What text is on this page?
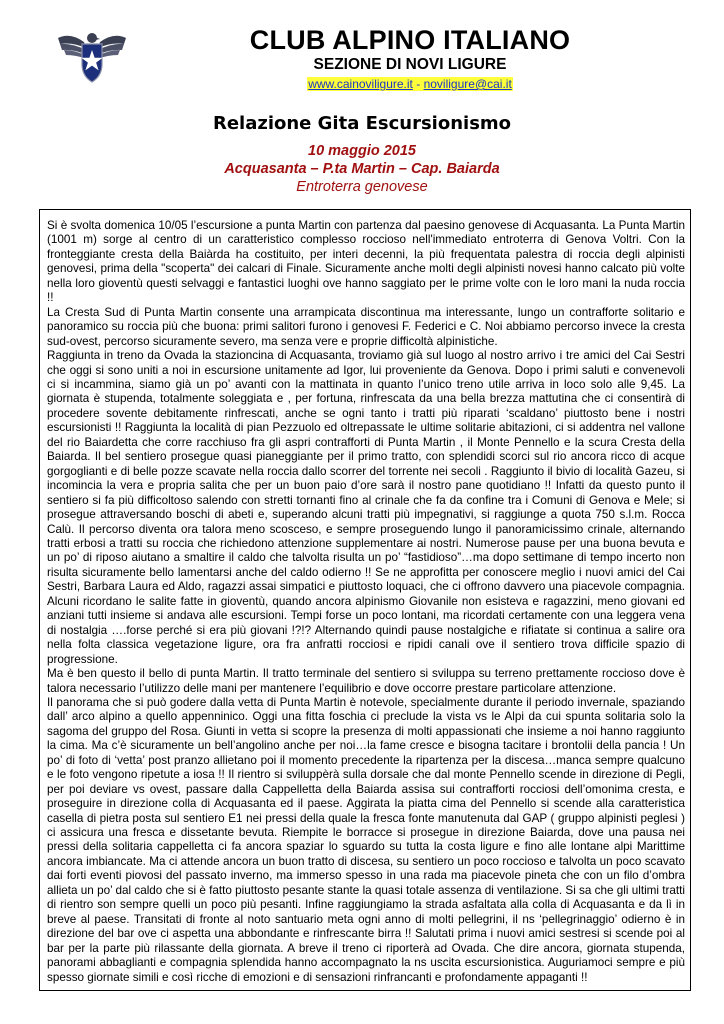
CLUB ALPINO ITALIANO
SEZIONE DI NOVI LIGURE
www.cainoviligure.it - noviligure@cai.it
Relazione Gita Escursionismo
10 maggio 2015
Acquasanta – P.ta Martin – Cap. Baiarda
Entroterra genovese

Si è svolta domenica 10/05 l’escursione a punta Martin con partenza dal paesino genovese di Acquasanta. La Punta Martin (1001 m) sorge al centro di un caratteristico complesso roccioso nell'immediato entroterra di Genova Voltri. Con la fronteggiante cresta della Baiàrda ha costituito, per interi decenni, la più frequentata palestra di roccia degli alpinisti genovesi, prima della "scoperta" dei calcari di Finale. Sicuramente anche molti degli alpinisti novesi hanno calcato più volte nella loro gioventù questi selvaggi e fantastici luoghi ove hanno saggiato per le prime volte con le loro mani la nuda roccia !!

La Cresta Sud di Punta Martin consente una arrampicata discontinua ma interessante, lungo un contrafforte solitario e panoramico su roccia più che buona: primi salitori furono i genovesi F. Federici e C. Noi abbiamo percorso invece la cresta sud-ovest, percorso sicuramente severo, ma senza vere e proprie difficoltà alpinistiche.

Raggiunta in treno da Ovada la stazioncina di Acquasanta, troviamo già sul luogo al nostro arrivo i tre amici del Cai Sestri che oggi si sono uniti a noi in escursione unitamente ad Igor, lui proveniente da Genova. Dopo i primi saluti e convenevoli ci si incammina, siamo già un po’ avanti con la mattinata in quanto l’unico treno utile arriva in loco solo alle 9,45. La giornata è stupenda, totalmente soleggiata e , per fortuna, rinfrescata da una bella brezza mattutina che ci consentirà di procedere sovente debitamente rinfrescati, anche se ogni tanto i tratti più riparati ‘scaldano’ piuttosto bene i nostri escursionisti !! Raggiunta la località di pian Pezzuolo ed oltrepassate le ultime solitarie abitazioni, ci si addentra nel vallone del rio Baiardetta che corre racchiuso fra gli aspri contrafforti di Punta Martin , il Monte Pennello e la scura Cresta della Baiarda. Il bel sentiero prosegue quasi pianeggiante per il primo tratto, con splendidi scorci sul rio ancora ricco di acque gorgoglianti e di belle pozze scavate nella roccia dallo scorrer del torrente nei secoli . Raggiunto il bivio di località Gazeu, si incomincia la vera e propria salita che per un buon paio d’ore sarà il nostro pane quotidiano !! Infatti da questo punto il sentiero si fa più difficoltoso salendo con stretti tornanti fino al crinale che fa da confine tra i Comuni di Genova e Mele; si prosegue attraversando boschi di abeti e, superando alcuni tratti più impegnativi, si raggiunge a quota 750 s.l.m. Rocca Calù. Il percorso diventa ora talora meno scosceso, e sempre proseguendo lungo il panoramicissimo crinale, alternando tratti erbosi a tratti su roccia che richiedono attenzione supplementare ai nostri. Numerose pause per una buona bevuta e un po’ di riposo aiutano a smaltire il caldo che talvolta risulta un po’ “fastidioso”…ma dopo settimane di tempo incerto non risulta sicuramente bello lamentarsi anche del caldo odierno !! Se ne approfitta per conoscere meglio i nuovi amici del Cai Sestri, Barbara Laura ed Aldo, ragazzi assai simpatici e piuttosto loquaci, che ci offrono davvero una piacevole compagnia. Alcuni ricordano le salite fatte in gioventù, quando ancora alpinismo Giovanile non esisteva e ragazzini, meno giovani ed anziani tutti insieme si andava alle escursioni. Tempi forse un poco lontani, ma ricordati certamente con una leggera vena di nostalgia ….forse perché si era più giovani !?!? Alternando quindi pause nostalgiche e rifiatate si continua a salire ora nella folta classica vegetazione ligure, ora fra anfratti rocciosi e ripidi canali ove il sentiero trova difficile spazio di progressione.

Ma è ben questo il bello di punta Martin. Il tratto terminale del sentiero si sviluppa su terreno prettamente roccioso dove è talora necessario l’utilizzo delle mani per mantenere l’equilibrio e dove occorre prestare particolare attenzione.

Il panorama che si può godere dalla vetta di Punta Martin è notevole, specialmente durante il periodo invernale, spaziando dall’ arco alpino a quello appenninico. Oggi una fitta foschia ci preclude la vista vs le Alpi da cui spunta solitaria solo la sagoma del gruppo del Rosa. Giunti in vetta si scopre la presenza di molti appassionati che insieme a noi hanno raggiunto la cima. Ma c’è sicuramente un bell’angolino anche per noi…la fame cresce e bisogna tacitare i brontolii della pancia ! Un po’ di foto di ‘vetta’ post pranzo allietano poi il momento precedente la ripartenza per la discesa…manca sempre qualcuno e le foto vengono ripetute a iosa !! Il rientro si sviluppèrà sulla dorsale che dal monte Pennello scende in direzione di Pegli, per poi deviare vs ovest, passare dalla Cappelletta della Baiarda assisa sui contrafforti rocciosi dell’omonima cresta, e proseguire in direzione colla di Acquasanta ed il paese. Aggirata la piatta cima del Pennello si scende alla caratteristica casella di pietra posta sul sentiero E1 nei pressi della quale la fresca fonte manutenuta dal GAP ( gruppo alpinisti peglesi ) ci assicura una fresca e dissetante bevuta. Riempite le borracce si prosegue in direzione Baiarda, dove una pausa nei pressi della solitaria cappelletta ci fa ancora spaziar lo sguardo su tutta la costa ligure e fino alle lontane alpi Marittime ancora imbiancate. Ma ci attende ancora un buon tratto di discesa, su sentiero un poco roccioso e talvolta un poco scavato dai forti eventi piovosi del passato inverno, ma immerso spesso in una rada ma piacevole pineta che con un filo d’ombra allieta un po’ dal caldo che si è fatto piuttosto pesante stante la quasi totale assenza di ventilazione. Si sa che gli ultimi tratti di rientro son sempre quelli un poco più pesanti. Infine raggiungiamo la strada asfaltata alla colla di Acquasanta e da lì in breve al paese. Transitati di fronte al noto santuario meta ogni anno di molti pellegrini, il ns ‘pellegrinaggio’ odierno è in direzione del bar ove ci aspetta una abbondante e rinfrescante birra !! Salutati prima i nuovi amici sestresi si scende poi al bar per la parte più rilassante della giornata. A breve il treno ci riporterà ad Ovada. Che dire ancora, giornata stupenda, panorami abbaglianti e compagnia splendida hanno accompagnato la ns uscita escursionistica. Auguriamoci sempre e più spesso giornate simili e così ricche di emozioni e di sensazioni rinfrancanti e profondamente appaganti !!
